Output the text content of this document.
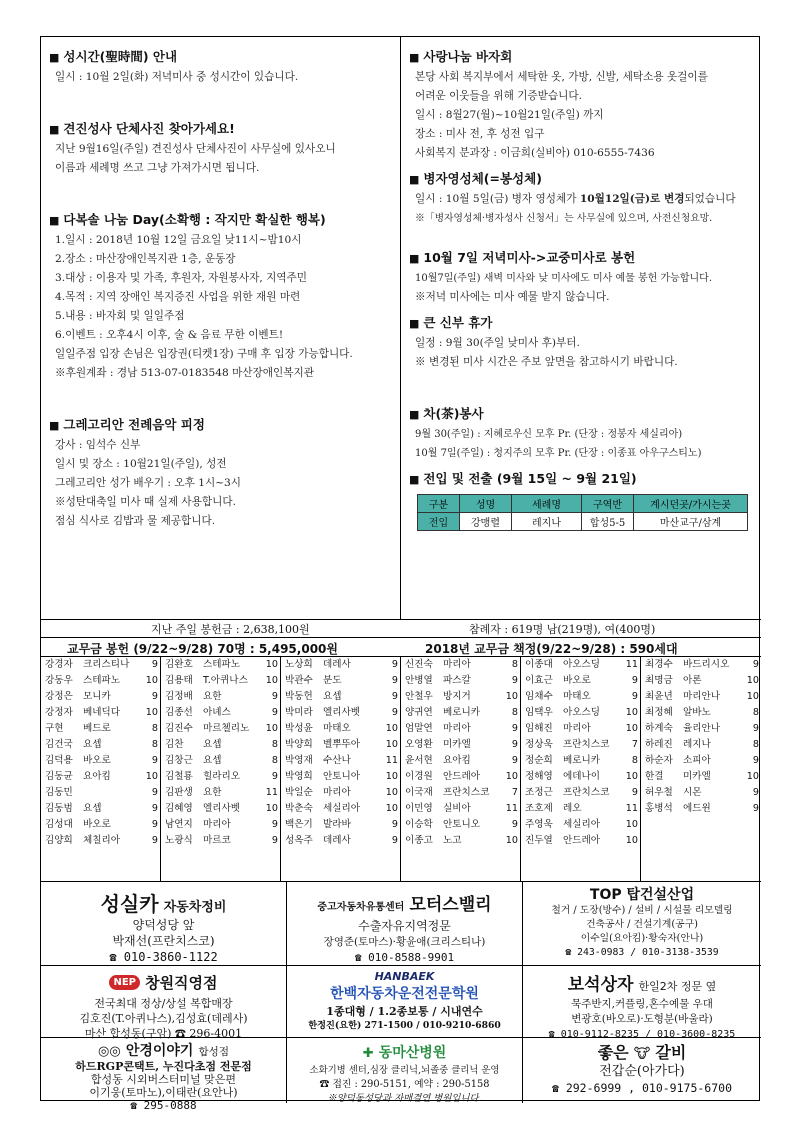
■ 성시간(聖時間) 안내
일시 : 10월 2일(화) 저녁미사 중 성시간이 있습니다.
■ 견진성사 단체사진 찾아가세요!
지난 9월16일(주일) 견진성사 단체사진이 사무실에 있사오니
이름과 세례명 쓰고 그냥 가져가시면 됩니다.
■ 다복솔 나눔 Day(소확행 : 작지만 확실한 행복)
1.일시 : 2018년 10월 12일 금요일 낮11시~밤10시
2.장소 : 마산장애인복지관 1층, 운동장
3.대상 : 이용자 및 가족, 후원자, 자원봉사자, 지역주민
4.목적 : 지역 장애인 복지증진 사업을 위한 재원 마련
5.내용 : 바자회 및 일일주점
6.이벤트 : 오후4시 이후, 술 & 음료 무한 이벤트!
일일주점 입장 손님은 입장권(티켓1장) 구매 후 입장 가능합니다.
※후원계좌 : 경남 513-07-0183548 마산장애인복지관
■ 그레고리안 전례음악 피정
강사 : 임석수 신부
일시 및 장소 : 10월21일(주일), 성전
그레고리안 성가 배우기 : 오후 1시~3시
※성탄대축일 미사 때 실제 사용합니다.
점심 식사로 김밥과 물 제공합니다.
■ 사랑나눔 바자회
본당 사회 복지부에서 세탁한 옷, 가방, 신발, 세탁소용 옷걸이를
어려운 이웃들을 위해 기증받습니다.
일시 : 8월27(월)~10월21일(주일) 까지
장소 : 미사 전, 후 성전 입구
사회복지 분과장 : 이금희(실비아) 010-6555-7436
■ 병자영성체(=봉성체)
일시 : 10월 5일(금) 병자 영성체가 10월12일(금)로 변경되었습니다
※「병자영성체·병자성사 신청서」는 사무실에 있으며, 사전신청요망.
■ 10월 7일 저녁미사->교중미사로 봉헌
10월7일(주일) 새벽 미사와 낮 미사에도 미사 예물 봉헌 가능합니다.
※저녁 미사에는 미사 예물 받지 않습니다.
■ 큰 신부 휴가
일정 : 9월 30(주일 낮미사 후)부터.
※ 변경된 미사 시간은 주보 앞면을 참고하시기 바랍니다.
■ 차(茶)봉사
9월 30(주일) : 지혜로우신 모후 Pr. (단장 : 정봉자 세실리아)
10월 7일(주일) : 청지주의 모후 Pr. (단장 : 이종표 아우구스티노)
■ 전입 및 전출 (9월 15일 ~ 9월 21일)
구분	성명	세례명	구역반	계시던곳/가시는곳
전입	강맹렬	레지나	합성5-5	마산교구/삼계
지난 주일 봉헌금 : 2,638,100원	참례자 : 619명 남(219명), 여(400명)
교무금 봉헌 (9/22~9/28) 70명 : 5,495,000원	2018년 교무금 책정(9/22~9/28) : 590세대
강경자 크리스티나 9
강동우 스테파노	10
강정은 모니카	9
강정자 베네딕다	10
구현 베드로	8
김건국 요셉	8
김덕용 바오로	9
김동균 요아킴	10
김동민	9
김동범 요셉	9
김성대 바오로	9
김양희 체칠리아	9
김완호 스테파노	10
김용태 T.아퀴나스 10
김정배 요한	9
김종선 아녜스	9
김진수 마르첼리노 10
김찬 요셉	8
김창근 요셉	8
김철룡 힐라리오	9
김판생 요한	11
김혜영 엘리사벳	10
남연지 마리아	9
노광식 마르코	9
노상희 데레사	9
박관수 분도	9
박동헌 요셉	9
박미라 엘리사벳	9
박성윤 마태오	10
박양희 벨뿌뚜아	10
박영재 수산나	11
박영희 안토니아	10
박일순 마리아	10
박춘숙 세실리아	10
백은기 발라바	9
성옥주 데레사	9
신진숙 마리아	8
안병열 파스칼	9
안철우 방지거	10
양귀연 베로니카	8
엄말연 마리아	9
오영환 미카엘	9
윤서현 요아킴	9
이경원 안드레아	10
이국재 프란치스코 7
이민영 실비아	11
이승학 안토니오	9
이종고 노고	10
이종대 아오스딩	11
이효근 바오로	9
임채수 마태오	9
임택우 아오스딩	10
임해진 마리아	10
정상욱 프란치스코 7
정순희 베로니카	8
정해영 에데나이	10
조정근 프란치스코 9
조호제 레오	11
주영욱 세실리아	10
진두열 안드레아	10
최경수 바드리시오 9
최명금 아론	10
최윤년 마리안나	10
최정혜 알바노	8
하계숙 율리안나	9
하레진 레지나	8
하순자 소피아	9
한결 미카엘	10
허우철 시몬	9
홍병석 에드윈	9
성실카 자동차정비
양덕성당 앞
박재선(프란치스코)
☎ 010-3860-1122
중고자동차유통센터 모터스밸리
수출자유지역정문
장영준(토마스)·황윤애(크리스티나)
☎ 010-8588-9901
TOP 탑건설산업
철거 / 도장(방수) / 설비 / 시설물 리모델링
건축공사 / 건설기계(공구)
이수일(요아킴)·황숙자(안나)
☎ 243-0983 / 010-3138-3539
NEP 창원직영점
전국최대 정상/상설 복합매장
김호진(T.아퀴나스),김성효(데레사)
마산 합성동(구암) ☎ 296-4001
HANBAEK
한백자동차운전전문학원
1종대형 / 1.2종보통 / 시내연수
한정진(요한) 271-1500 / 010-9210-6860
보석상자 한일2차 정문 옆
묵주반지,커플링,혼수예물 우대
변광호(바오로)·도형분(바울라)
☎ 010-9112-8235 / 010-3600-8235
◎◎ 안경이야기 합성점
하드RGP콘택트, 누진다초점 전문점
합성동 시외버스터미널 맞은편
이기웅(토마노),이태란(요안나)
☎ 295-0888
✚ 동마산병원
소화기병 센터,심장 클리닉,뇌졸중 클리닉 운영
☎ 접진 : 290-5151, 예약 : 290-5158
※양덕동성당과 자매결연 병원입니다.
좋은 🐮 갈비
전갑순(아가다)
☎ 292-6999 , 010-9175-6700
